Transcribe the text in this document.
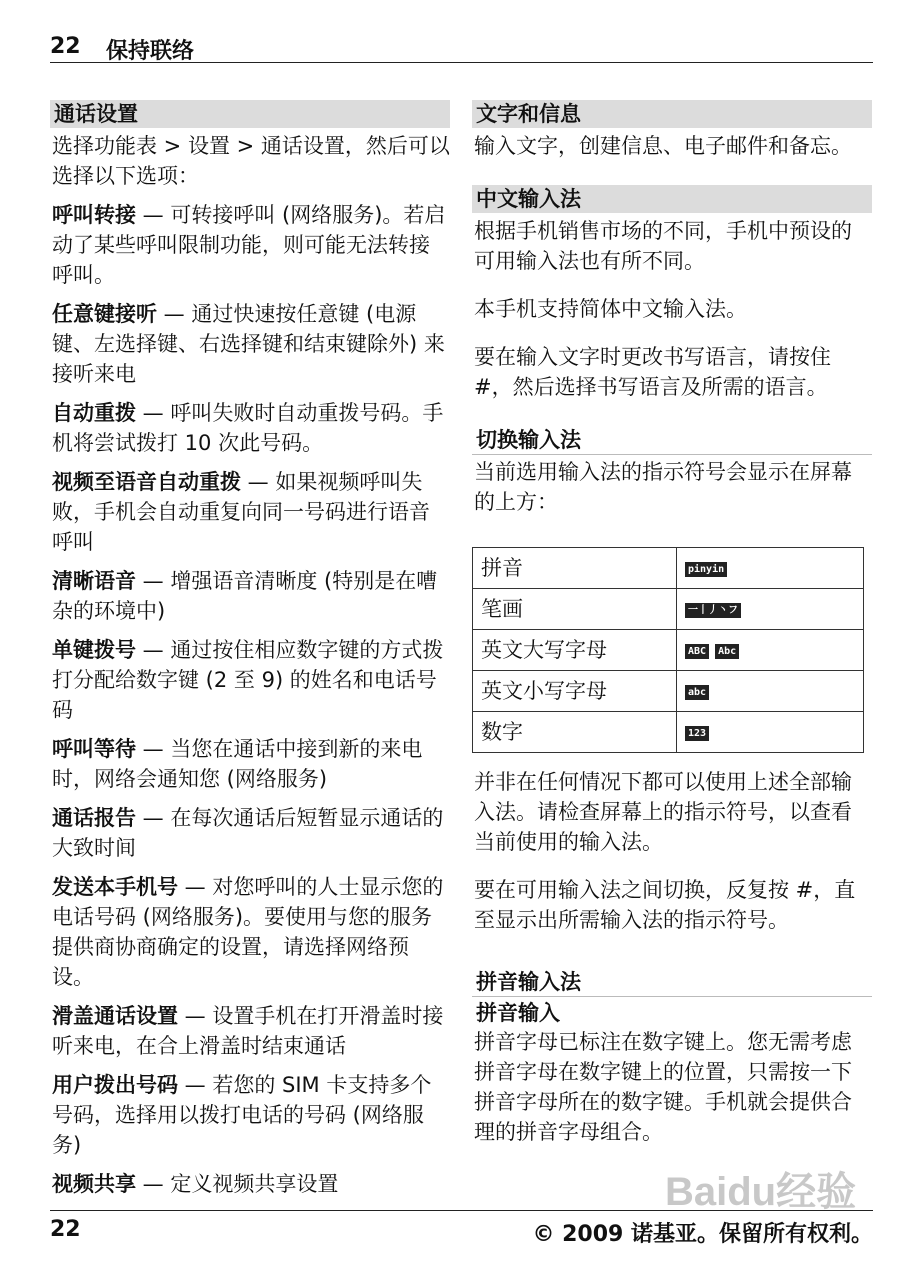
22 保持联络
通话设置

选择功能表 > 设置 > 通话设置，然后可以选择以下选项：

呼叫转接 — 可转接呼叫 (网络服务)。若启动了某些呼叫限制功能，则可能无法转接呼叫。

任意键接听 — 通过快速按任意键 (电源键、左选择键、右选择键和结束键除外) 来接听来电

自动重拨 — 呼叫失败时自动重拨号码。手机将尝试拨打 10 次此号码。

视频至语音自动重拨 — 如果视频呼叫失败，手机会自动重复向同一号码进行语音呼叫

清晰语音 — 增强语音清晰度 (特别是在嘈杂的环境中)

单键拨号 — 通过按住相应数字键的方式拨打分配给数字键 (2 至 9) 的姓名和电话号码

呼叫等待 — 当您在通话中接到新的来电时，网络会通知您 (网络服务)

通话报告 — 在每次通话后短暂显示通话的大致时间

发送本手机号 — 对您呼叫的人士显示您的电话号码 (网络服务)。要使用与您的服务提供商协商确定的设置，请选择网络预设。

滑盖通话设置 — 设置手机在打开滑盖时接听来电，在合上滑盖时结束通话

用户拨出号码 — 若您的 SIM 卡支持多个号码，选择用以拨打电话的号码 (网络服务)

视频共享 — 定义视频共享设置

文字和信息

输入文字，创建信息、电子邮件和备忘。

中文输入法

根据手机销售市场的不同，手机中预设的可用输入法也有所不同。

本手机支持简体中文输入法。

要在输入文字时更改书写语言，请按住 #，然后选择书写语言及所需的语言。

切换输入法

当前选用输入法的指示符号会显示在屏幕的上方：

拼音	pinyin
笔画	一丨丿丶フ
英文大写字母	ABC Abc
英文小写字母	abc
数字	123

并非在任何情况下都可以使用上述全部输入法。请检查屏幕上的指示符号，以查看当前使用的输入法。

要在可用输入法之间切换，反复按 #，直至显示出所需输入法的指示符号。

拼音输入法
拼音输入

拼音字母已标注在数字键上。您无需考虑拼音字母在数字键上的位置，只需按一下拼音字母所在的数字键。手机就会提供合理的拼音字母组合。

Baidu经验
22	© 2009 诺基亚。保留所有权利。
